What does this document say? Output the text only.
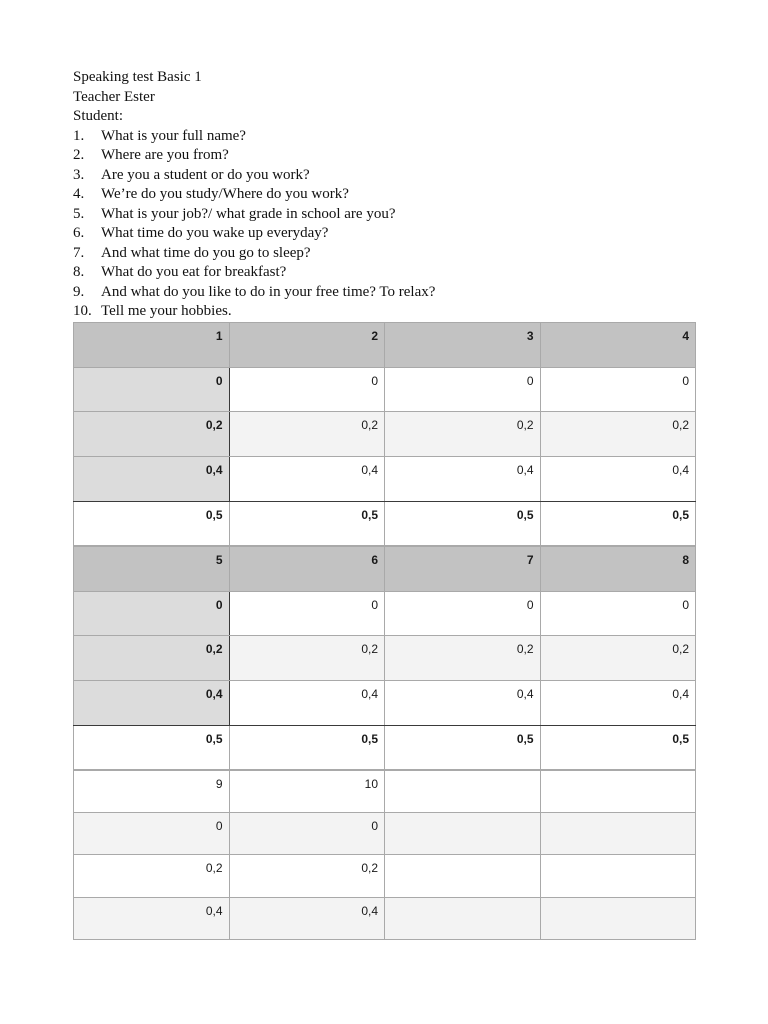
Speaking test Basic 1
Teacher Ester
Student:
1.	What is your full name?
2.	Where are you from?
3.	Are you a student or do you work?
4.	We’re do you study/Where do you work?
5.	What is your job?/ what grade in school are you?
6.	What time do you wake up everyday?
7.	And what time do you go to sleep?
8.	What do you eat for breakfast?
9.	And what do you like to do in your free time? To relax?
10. Tell me your hobbies.
1	2	3	4
0	0	0	0
0,2	0,2	0,2	0,2
0,4	0,4	0,4	0,4
0,5	0,5	0,5	0,5
5	6	7	8
0	0	0	0
0,2	0,2	0,2	0,2
0,4	0,4	0,4	0,4
0,5	0,5	0,5	0,5
9	10		
0	0		
0,2	0,2		
0,4	0,4		
